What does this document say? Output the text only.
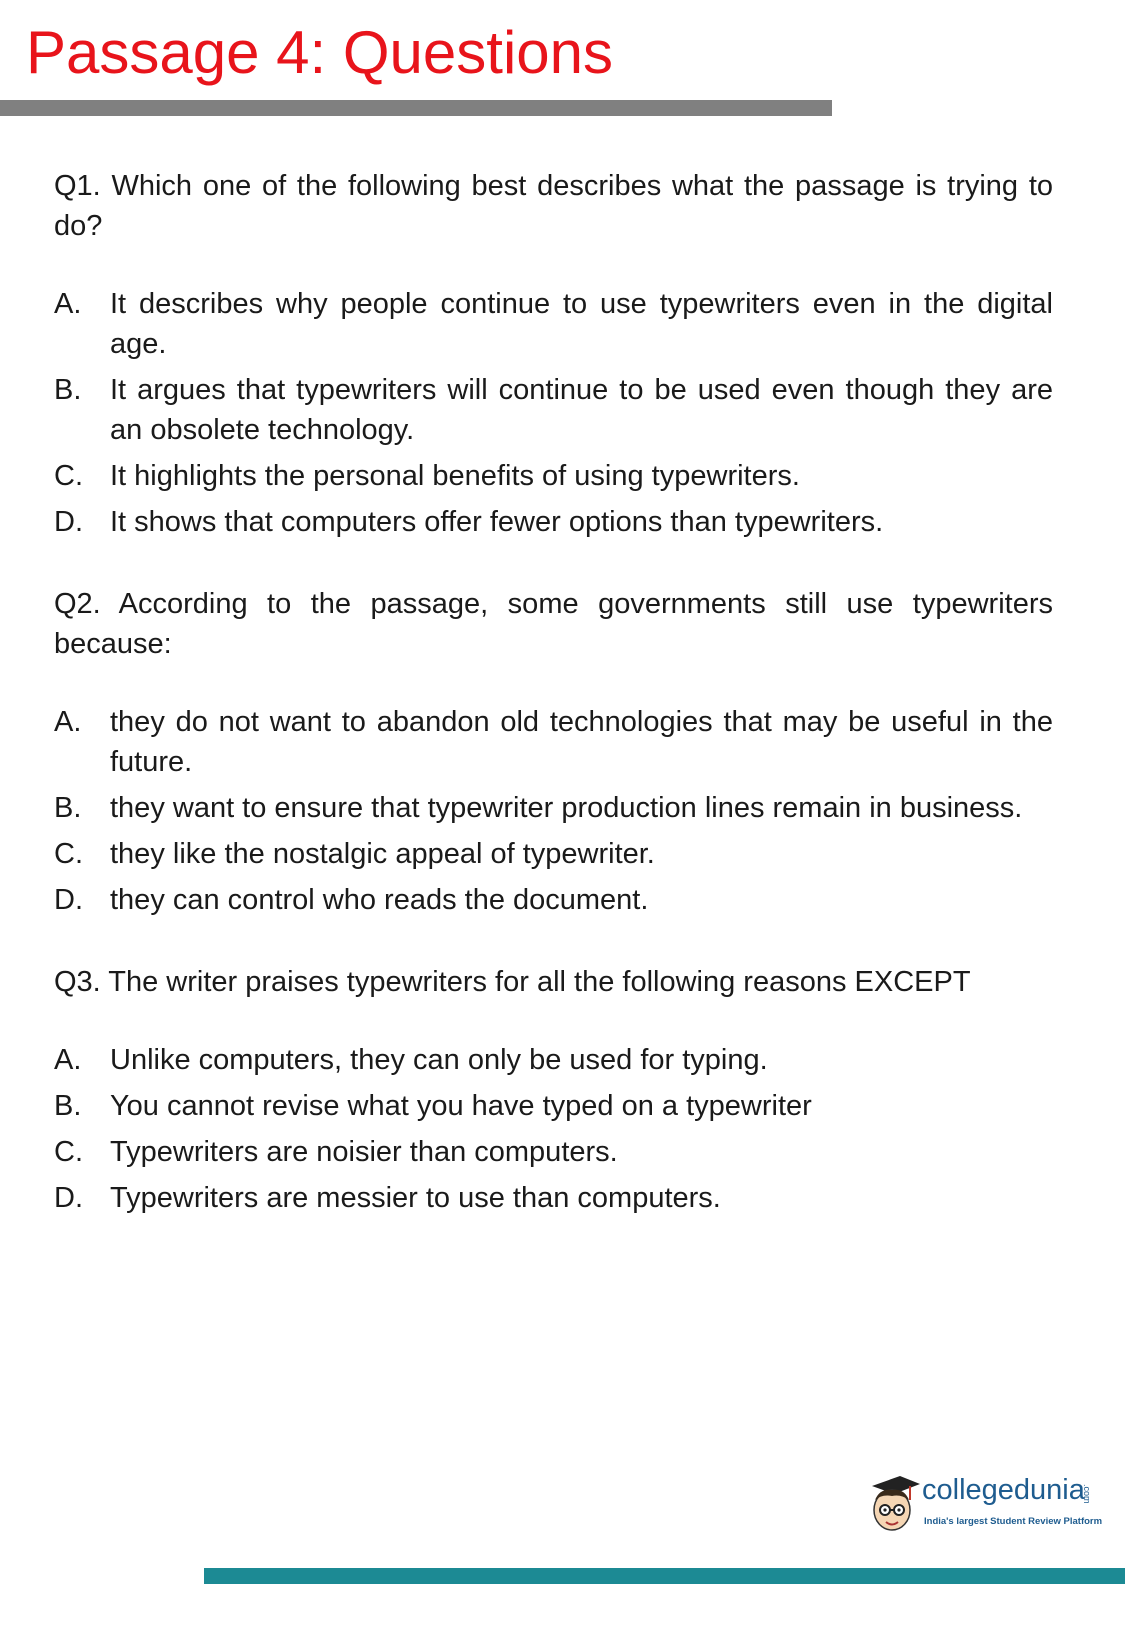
Passage 4: Questions

Q1. Which one of the following best describes what the passage is trying to do?

A. It describes why people continue to use typewriters even in the digital age.
B. It argues that typewriters will continue to be used even though they are an obsolete technology.
C. It highlights the personal benefits of using typewriters.
D. It shows that computers offer fewer options than typewriters.

Q2. According to the passage, some governments still use typewriters because:

A. they do not want to abandon old technologies that may be useful in the future.
B. they want to ensure that typewriter production lines remain in business.
C. they like the nostalgic appeal of typewriter.
D. they can control who reads the document.

Q3. The writer praises typewriters for all the following reasons EXCEPT

A. Unlike computers, they can only be used for typing.
B. You cannot revise what you have typed on a typewriter
C. Typewriters are noisier than computers.
D. Typewriters are messier to use than computers.
collegedunia
.com
India's largest Student Review Platform
